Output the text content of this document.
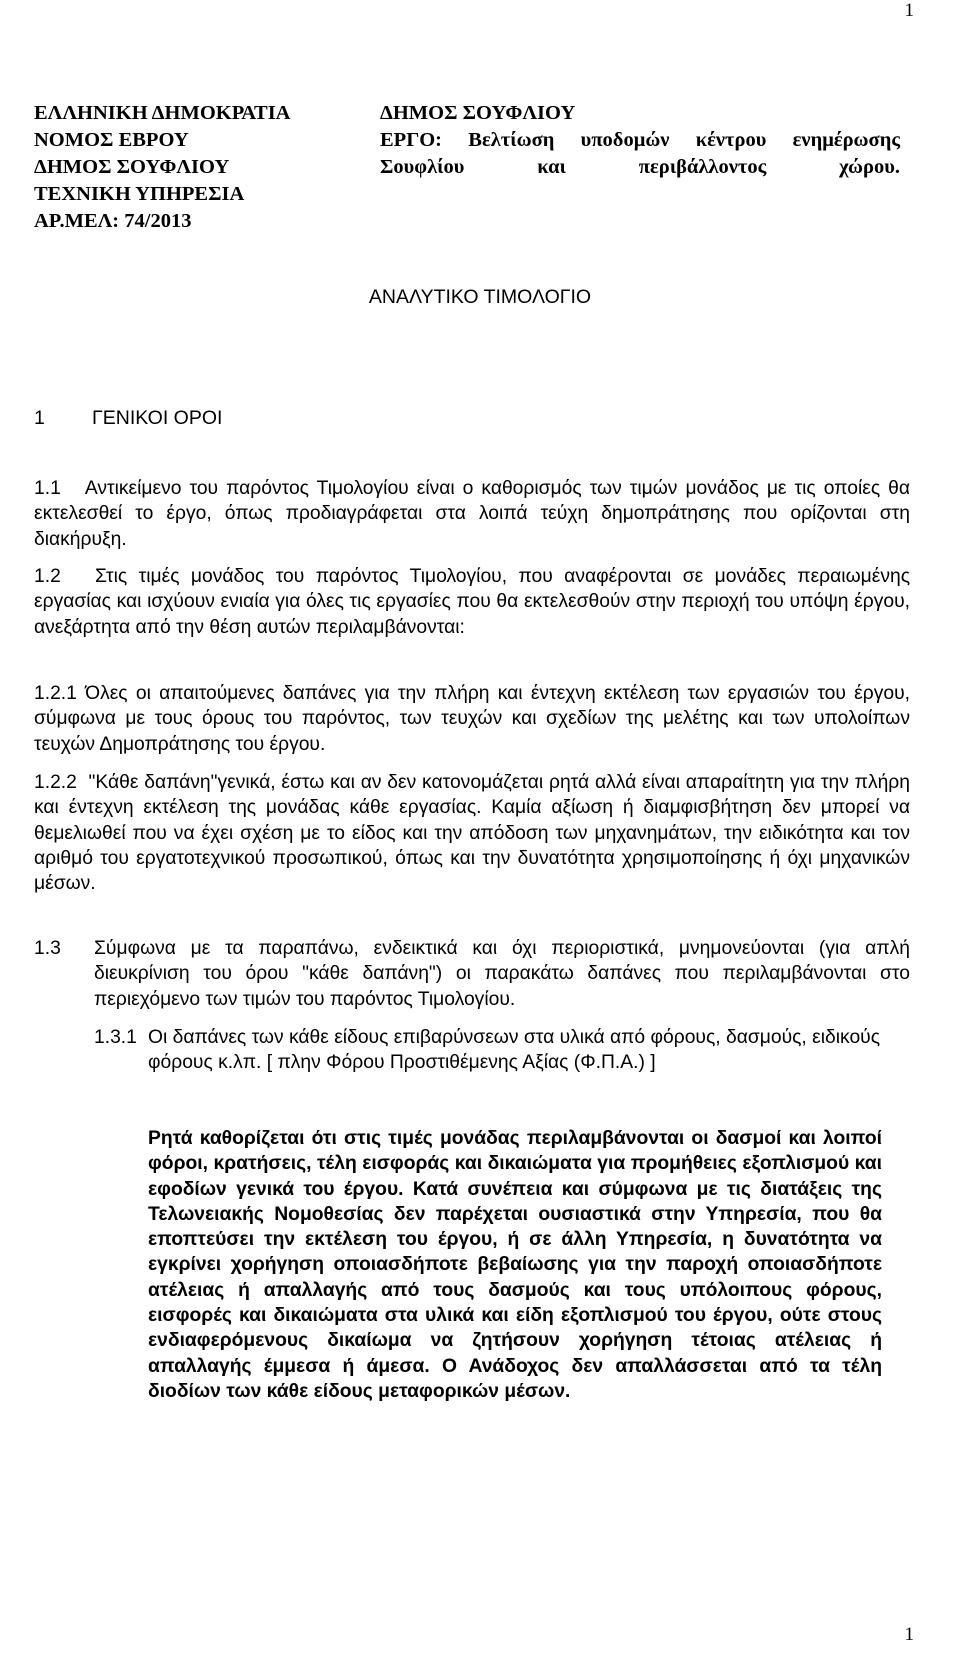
1
ΕΛΛΗΝΙΚΗ ΔΗΜΟΚΡΑΤΙΑ
ΝΟΜΟΣ ΕΒΡΟΥ
ΔΗΜΟΣ ΣΟΥΦΛΙΟΥ
ΤΕΧΝΙΚΗ ΥΠΗΡΕΣΙΑ
ΑΡ.ΜΕΛ: 74/2013
ΔΗΜΟΣ ΣΟΥΦΛΙΟΥ
ΕΡΓΟ: Βελτίωση υποδομών κέντρου ενημέρωσης
Σουφλίου και περιβάλλοντος χώρου.
ΑΝΑΛΥΤΙΚΟ ΤΙΜΟΛΟΓΙΟ
1	ΓΕΝΙΚΟΙ ΟΡΟΙ
1.1 Αντικείμενο του παρόντος Τιμολογίου είναι ο καθορισμός των τιμών μονάδος με τις οποίες θα εκτελεσθεί το έργο, όπως προδιαγράφεται στα λοιπά τεύχη δημοπράτησης που ορίζονται στη διακήρυξη.
1.2 Στις τιμές μονάδος του παρόντος Τιμολογίου, που αναφέρονται σε μονάδες περαιωμένης εργασίας και ισχύουν ενιαία για όλες τις εργασίες που θα εκτελεσθούν στην περιοχή του υπόψη έργου, ανεξάρτητα από την θέση αυτών περιλαμβάνονται:
1.2.1 Όλες οι απαιτούμενες δαπάνες για την πλήρη και έντεχνη εκτέλεση των εργασιών του έργου, σύμφωνα με τους όρους του παρόντος, των τευχών και σχεδίων της μελέτης και των υπολοίπων τευχών Δημοπράτησης του έργου.
1.2.2 "Κάθε δαπάνη"γενικά, έστω και αν δεν κατονομάζεται ρητά αλλά είναι απαραίτητη για την πλήρη και έντεχνη εκτέλεση της μονάδας κάθε εργασίας. Καμία αξίωση ή διαμφισβήτηση δεν μπορεί να θεμελιωθεί που να έχει σχέση με το είδος και την απόδοση των μηχανημάτων, την ειδικότητα και τον αριθμό του εργατοτεχνικού προσωπικού, όπως και την δυνατότητα χρησιμοποίησης ή όχι μηχανικών μέσων.
1.3 Σύμφωνα με τα παραπάνω, ενδεικτικά και όχι περιοριστικά, μνημονεύονται (για απλή διευκρίνιση του όρου "κάθε δαπάνη") οι παρακάτω δαπάνες που περιλαμβάνονται στο περιεχόμενο των τιμών του παρόντος Τιμολογίου.
1.3.1 Οι δαπάνες των κάθε είδους επιβαρύνσεων στα υλικά από φόρους, δασμούς, ειδικούς φόρους κ.λπ. [ πλην Φόρου Προστιθέμενης Αξίας (Φ.Π.Α.) ]
Ρητά καθορίζεται ότι στις τιμές μονάδας περιλαμβάνονται οι δασμοί και λοιποί φόροι, κρατήσεις, τέλη εισφοράς και δικαιώματα για προμήθειες εξοπλισμού και εφοδίων γενικά του έργου. Κατά συνέπεια και σύμφωνα με τις διατάξεις της Τελωνειακής Νομοθεσίας δεν παρέχεται ουσιαστικά στην Υπηρεσία, που θα εποπτεύσει την εκτέλεση του έργου, ή σε άλλη Υπηρεσία, η δυνατότητα να εγκρίνει χορήγηση οποιασδήποτε βεβαίωσης για την παροχή οποιασδήποτε ατέλειας ή απαλλαγής από τους δασμούς και τους υπόλοιπους φόρους, εισφορές και δικαιώματα στα υλικά και είδη εξοπλισμού του έργου, ούτε στους ενδιαφερόμενους δικαίωμα να ζητήσουν χορήγηση τέτοιας ατέλειας ή απαλλαγής έμμεσα ή άμεσα. Ο Ανάδοχος δεν απαλλάσσεται από τα τέλη διοδίων των κάθε είδους μεταφορικών μέσων.
1
